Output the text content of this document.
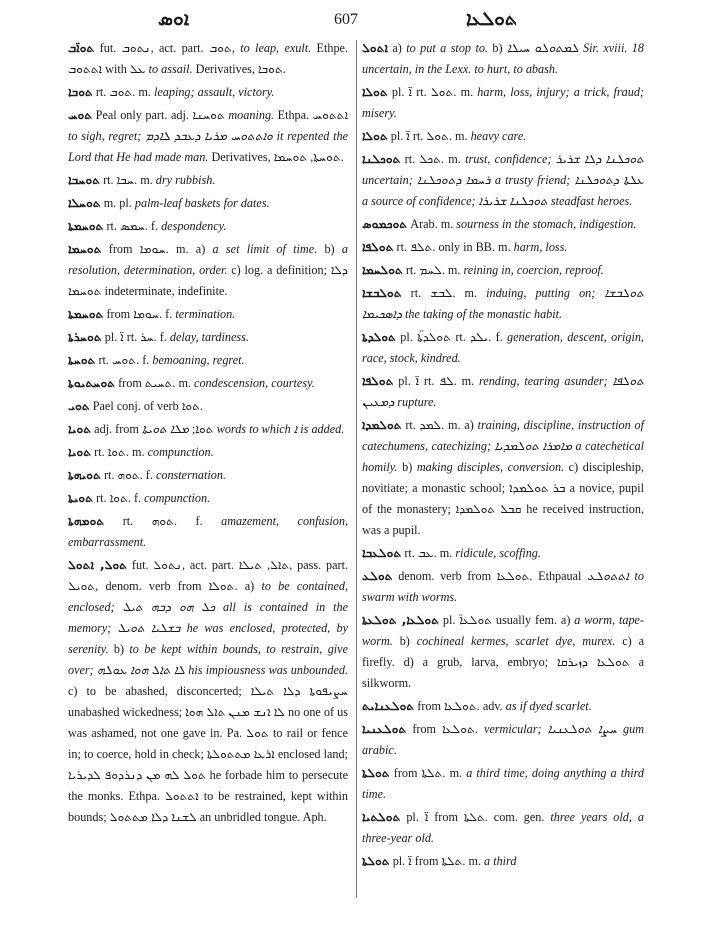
ܐܘܣ	607	ܬܘܠܥܐ

ܬܘܐ̈ܒ fut. ܢܬܘܒ, act. part. ܬܘܒ, to leap, exult. Ethpe. ܐܬܬܘܒ with ܥܠ to assail. Derivatives, ܬܘܒܐ.

ܬܘܒܐ rt. ܬܘܒ. m. leaping; assault, victory.

ܬܘܚ Peal only part. adj. ܬܘܚܢܐ moaning. Ethpa. ܐܬܬܘܚ to sigh, regret; ܘܐܬܬܘܚ ܡܪܝܐ ܕܥܒܕ ܠܐܕܡ it repented the Lord that He had made man. Derivatives, ܬܘܚܬܐ, ܬܘܚܡܐ.

ܬܘܚܒܐ rt. ܚܒܐ. m. dry rubbish.

ܬܘܚܠܐ m. pl. palm-leaf baskets for dates.

ܬܘܚܡܬܐ rt. ܚܡܣ. f. despondency.

ܬܘܚܡܐ from ܚܘܡܐ. m. a) a set limit of time. b) a resolution, determination, order. c) log. a definition; ܕܠܐ ܬܘܚܡܐ indeterminate, indefinite.

ܬܘܚܡܬܐ from ܚܘܡܐ. f. termination.

ܬܘܚܪܬܐ pl. ܐ̈ rt. ܚܪ. f. delay, tardiness.

ܬܘܚܬܐ rt. ܬܘܚ. f. bemoaning, regret.

ܬܘܚܬܝܘܬܐ from ܬܚܝܬ. m. condescension, courtesy.

ܬܘܝ Pael conj. of verb ܬܘܐ.

ܬܘܝܐ adj. from ܬܘܐ; ܡܠܐ ܬܘܝܬܐ words to which ܐ is added.

ܬܘܝܐ rt. ܬܘܐ. m. compunction.

ܬܘܝܗܬܐ rt. ܬܘܗ. f. consternation.

ܬܘܝܬܐ rt. ܬܘܐ. f. compunction.

ܬܘܡܗܬܐ rt. ܬܘܗ. f. amazement, confusion, embarrassment.

ܬܘܠ, ܐܬܘܠ fut. ܢܬܘܠ, act. part. ܬܐܠ, ܬܝܠܐ, pass. part. ܬܘܝܠ, denom. verb from ܬܘܠܐ. a) to be contained, enclosed; ܟܠ ܗܘ ܕܒܗ ܬܝܠ all is contained in the memory; ܒܫܠܝܐ ܬܘܝܠ he was enclosed, protected, by serenity. b) to be kept within bounds, to restrain, give over; ܠܐ ܬܐܠ ܗܘܐ ܥܘܠܗ his impiousness was unbounded. c) to be abashed, disconcerted; ܚܨܝܦܘܬܐ ܕܠܐ ܬܝܠܐ unabashed wickedness; ܠܐ ܐܢܫ ܡܢܢ ܬܐܠ ܗܘܐ no one of us was ashamed, not one gave in. Pa. ܬܘܠ to rail or fence in; to coerce, hold in check; ܐܪܥܐ ܡܬܬܘܠܬܐ enclosed land; ܬܘܠ ܠܗ ܡܢ ܕܢܪܕܘܦ ܠܕܝܪܝܐ he forbade him to persecute the monks. Ethpa. ܐܬܬܘܠ to be restrained, kept within bounds; ܠܫܢܐ ܕܠܐ ܡܬܬܘܠ an unbridled tongue. Aph.

ܐܬܘܠ a) to put a stop to. b) ܠܡܬܘܠܘ ܚܝܠܐ Sir. xviii. 18 uncertain, in the Lexx. to hurt, to abash.

ܬܘܠܐ pl. ܐ̈ rt. ܬܘܠ. m. harm, loss, injury; a trick, fraud; misery.

ܬܘܠܐ pl. ܐ̈ rt. ܬܘܠ. m. heavy care.

ܬܘܟܠܢܐ rt. ܬܟܠ. m. trust, confidence; ܬܘܟܠܢܐ ܕܠܐ ܫܪܝܪ uncertain; ܪܚܡܐ ܕܬܘܟܠܢܐ a trusty friend; ܥܠܬܐ ܕܬܘܟܠܢܐ a source of confidence; ܬܘܟܠܢܐ ܫܪܝܪܐ steadfast heroes.

ܬܘܟܡܘܣ Arab. m. sourness in the stomach, indigestion.

ܬܘܠܦܐ rt. ܬܠܦ. only in BB. m. harm, loss.

ܬܘܠܚܡܐ rt. ܠܚܡ. m. reining in, coercion, reproof.

ܬܘܠܒܫܐ rt. ܠܒܫ. m. induing, putting on; ܬܘܠܒܫܐ ܕܐܣܟܝܡܐ the taking of the monastic habit.

ܬܘܠܕܬܐ pl. ܬܘܠܕܬܐ̈ rt. ܝܠܕ. f. generation, descent, origin, race, stock, kindred.

ܬܘܠܦܐ pl. ܐ̈ rt. ܠܦ. m. rending, tearing asunder; ܬܘܠܦܐ ܕܡܥܝܢ rupture.

ܬܘܠܡܕܐ rt. ܠܡܕ. m. a) training, discipline, instruction of catechumens, catechizing; ܡܐܡܪܐ ܬܘܠܡܕܝܐ a catechetical homily. b) making disciples, conversion. c) discipleship, novitiate; a monastic school; ܒܪ ܬܘܠܡܕܐ a novice, pupil of the monastery; ܩܒܠ ܬܘܠܡܕܐ he received instruction, was a pupil.

ܬܘܠܥܒܐ rt. ܥܒ. m. ridicule, scoffing.

ܬܘܠܥ denom. verb from ܬܘܠܥܐ. Ethpaual ܐܬܬܘܠܥ to swarm with worms.

ܬܘܠܥܐ, ܬܘܠܥܬܐ pl. ܬܘܠܥܐ̈ usually fem. a) a worm, tape-worm. b) cochineal kermes, scarlet dye, murex. c) a firefly. d) a grub, larva, embryo; ܬܘܠܥܐ ܕܙܝܪܩܐ a silkworm.

ܬܘܠܥܢܐܝܬ from ܬܘܠܥܐ. adv. as if dyed scarlet.

ܬܘܠܥܢܝܐ from ܬܘܠܥܐ. vermicular; ܚܨܐ ܬܘܠܥܢܝܐ gum arabic.

ܬܘܠܬܐ from ܬܠܬܐ. m. a third time, doing anything a third time.

ܬܘܠܬܝܐ pl. ܐ̈ from ܬܠܬܐ. com. gen. three years old, a three-year old.

ܬܘܠܬܐ pl. ܐ̈ from ܬܠܬܐ. m. a third
